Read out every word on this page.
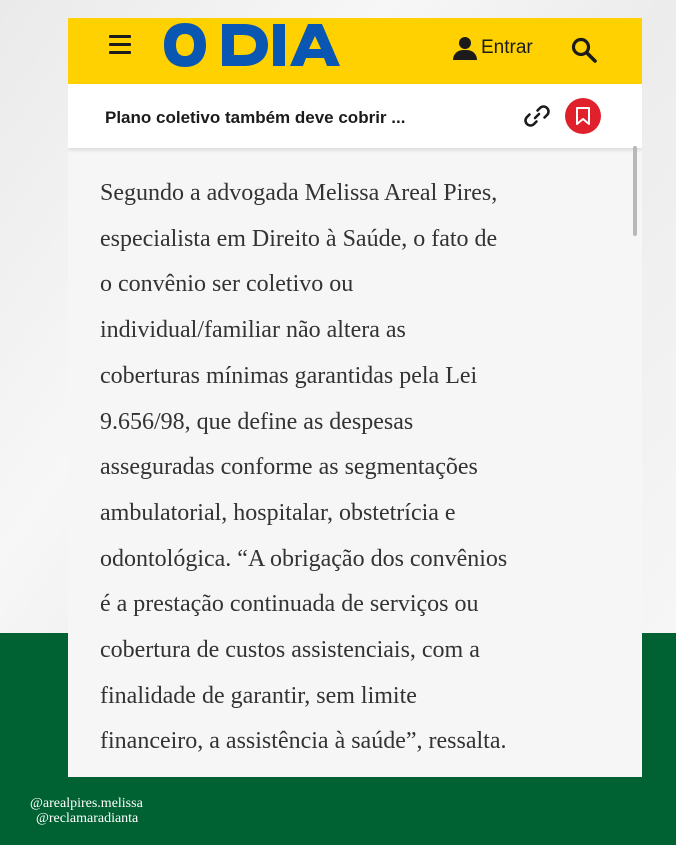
Entrar
Plano coletivo também deve cobrir ...
Segundo a advogada Melissa Areal Pires,
especialista em Direito à Saúde, o fato de
o convênio ser coletivo ou
individual/familiar não altera as
coberturas mínimas garantidas pela Lei
9.656/98, que define as despesas
asseguradas conforme as segmentações
ambulatorial, hospitalar, obstetrícia e
odontológica. “A obrigação dos convênios
é a prestação continuada de serviços ou
cobertura de custos assistenciais, com a
finalidade de garantir, sem limite
financeiro, a assistência à saúde”, ressalta.
@arealpires.melissa
@reclamaradianta
